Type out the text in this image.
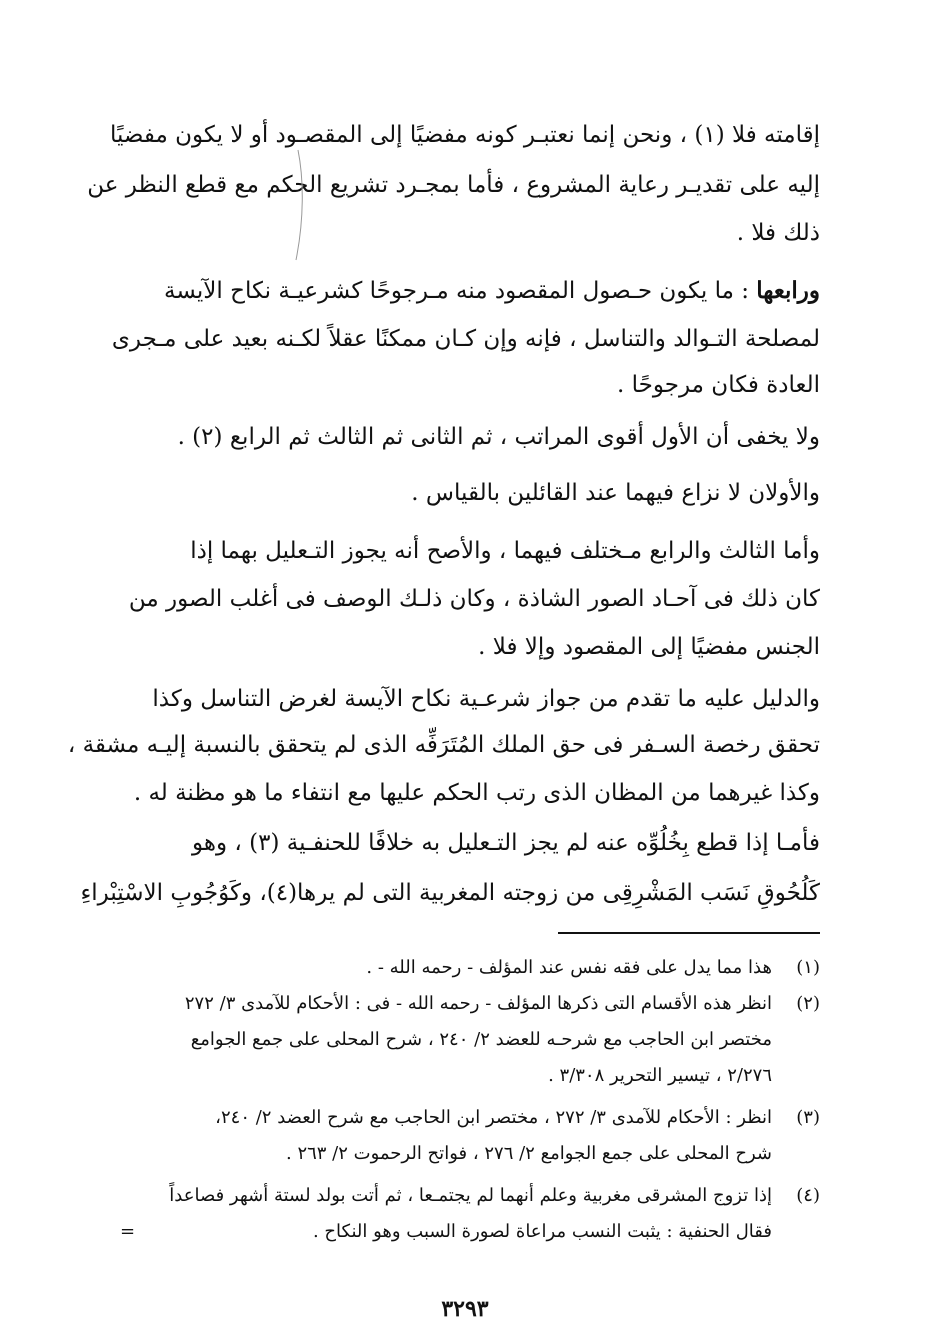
إقامته فلا (١) ، ونحن إنما نعتبـر كونه مفضيًا إلى المقصـود أو لا يكون مفضيًا
إليه على تقديـر رعاية المشروع ، فأما بمجـرد تشريع الحكم مع قطع النظر عن
ذلك فلا .
ورابعها : ما يكون حـصول المقصود منه مـرجوحًا كشرعيـة نكاح الآيسة
لمصلحة التـوالد والتناسل ، فإنه وإن كـان ممكنًا عقلاً لكـنه بعيد على مـجرى
العادة فكان مرجوحًا .
ولا يخفى أن الأول أقوى المراتب ، ثم الثانى ثم الثالث ثم الرابع (٢) .
والأولان لا نزاع فيهما عند القائلين بالقياس .
وأما الثالث والرابع مـختلف فيهما ، والأصح أنه يجوز التـعليل بهما إذا
كان ذلك فى آحـاد الصور الشاذة ، وكان ذلـك الوصف فى أغلب الصور من
الجنس مفضيًا إلى المقصود وإلا فلا .
والدليل عليه ما تقدم من جواز شرعـية نكاح الآيسة لغرض التناسل وكذا
تحقق رخصة السـفر فى حق الملك المُتَرَفِّه الذى لم يتحقق بالنسبة إليـه مشقة ،
وكذا غيرهما من المظان الذى رتب الحكم عليها مع انتفاء ما هو مظنة له .
فأمـا إذا قطع بِخُلُوِّه عنه لم يجز التـعليل به خلافًا للحنفـية (٣) ، وهو
كَلُحُوقِ نَسَب المَشْرِقِى من زوجته المغربية التى لم يرها(٤)، وكَوُجُوبِ الاسْتِبْراءِ
(١)
هذا مما يدل على فقه نفس عند المؤلف - رحمه الله - .
(٢)
انظر هذه الأقسام التى ذكرها المؤلف - رحمه الله - فى : الأحكام للآمدى ٣/ ٢٧٢
مختصر ابن الحاجب مع شرحـه للعضد ٢/ ٢٤٠ ، شرح المحلى على جمع الجوامع
٢/٢٧٦ ، تيسير التحرير ٣/٣٠٨ .
(٣)
انظر : الأحكام للآمدى ٣/ ٢٧٢ ، مختصر ابن الحاجب مع شرح العضد ٢/ ٢٤٠،
شرح المحلى على جمع الجوامع ٢/ ٢٧٦ ، فواتح الرحموت ٢/ ٢٦٣ .
(٤)
إذا تزوج المشرقى مغربية وعلم أنهما لم يجتمـعا ، ثم أتت بولد لستة أشهر فصاعداً
فقال الحنفية : يثبت النسب مراعاة لصورة السبب وهو النكاح .
=
٣٢٩٣
